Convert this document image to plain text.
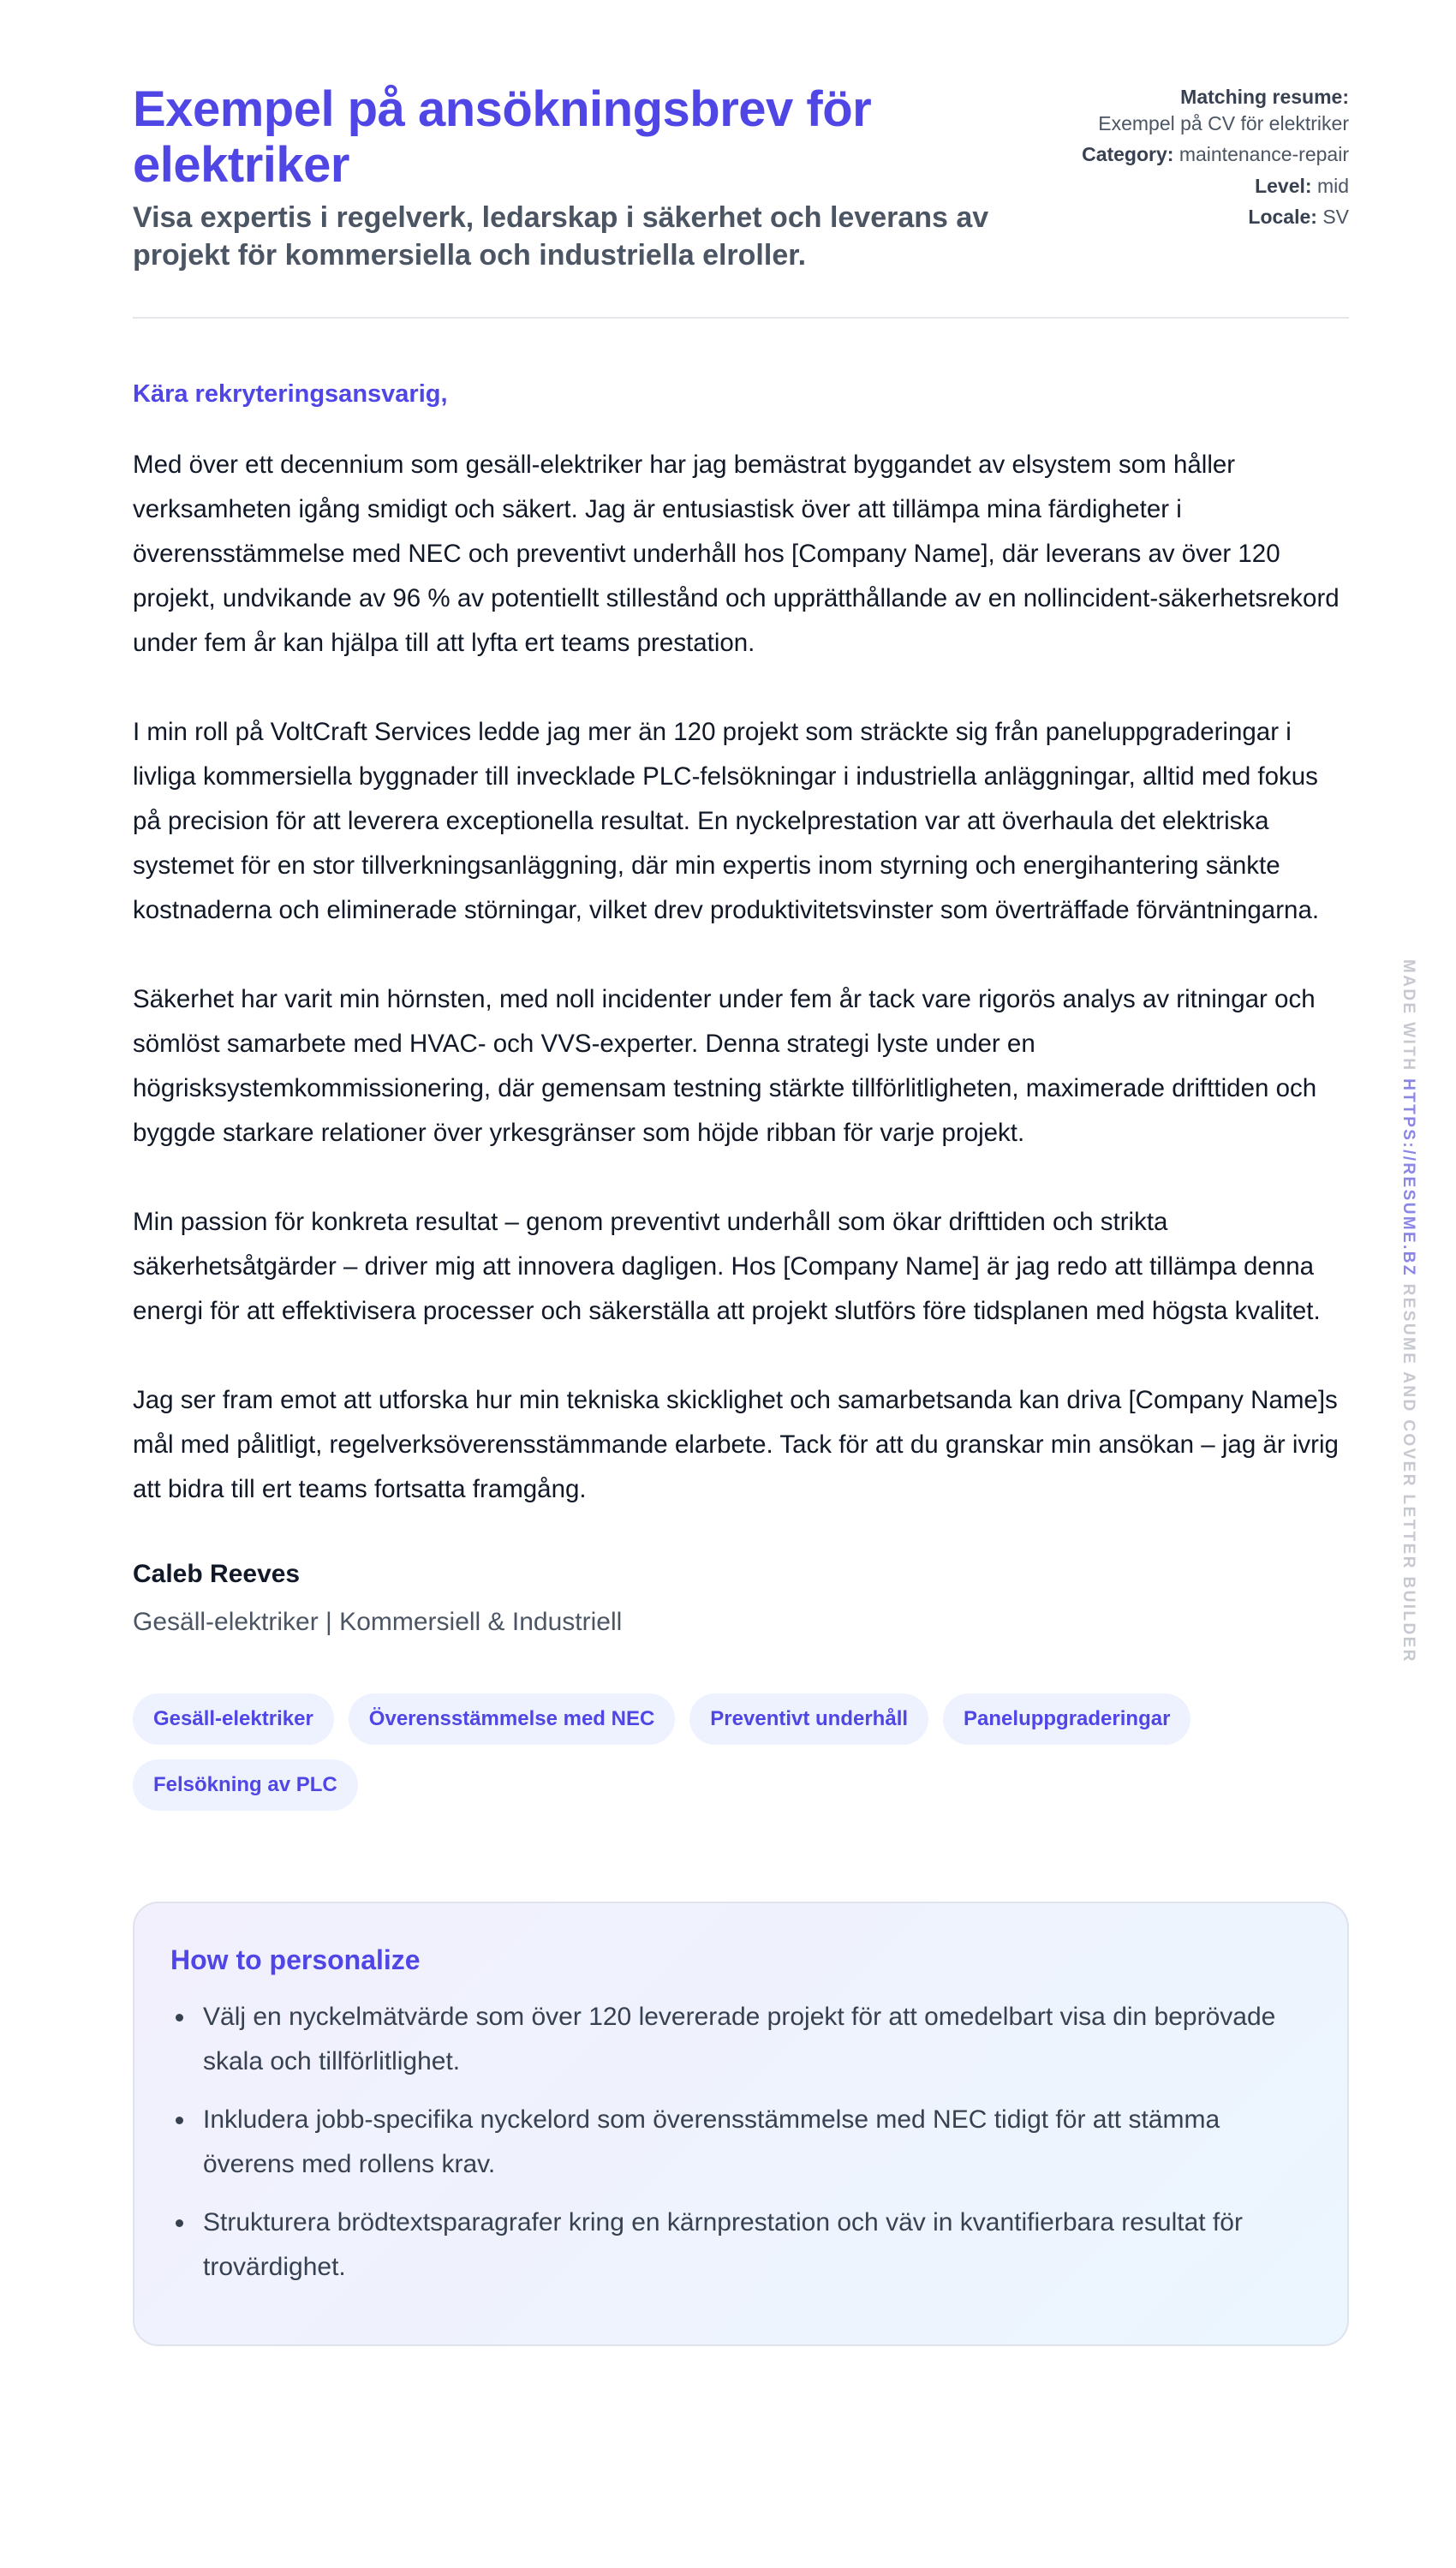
Exempel på ansökningsbrev för elektriker
Visa expertis i regelverk, ledarskap i säkerhet och leverans av projekt för kommersiella och industriella elroller.
Matching resume:
Exempel på CV för elektriker
Category: maintenance-repair
Level: mid
Locale: SV

Kära rekryteringsansvarig,

Med över ett decennium som gesäll-elektriker har jag bemästrat byggandet av elsystem som håller verksamheten igång smidigt och säkert. Jag är entusiastisk över att tillämpa mina färdigheter i överensstämmelse med NEC och preventivt underhåll hos [Company Name], där leverans av över 120 projekt, undvikande av 96 % av potentiellt stillestånd och upprätthållande av en nollincident-säkerhetsrekord under fem år kan hjälpa till att lyfta ert teams prestation.

I min roll på VoltCraft Services ledde jag mer än 120 projekt som sträckte sig från paneluppgraderingar i livliga kommersiella byggnader till invecklade PLC-felsökningar i industriella anläggningar, alltid med fokus på precision för att leverera exceptionella resultat. En nyckelprestation var att överhaula det elektriska systemet för en stor tillverkningsanläggning, där min expertis inom styrning och energihantering sänkte kostnaderna och eliminerade störningar, vilket drev produktivitetsvinster som överträffade förväntningarna.

Säkerhet har varit min hörnsten, med noll incidenter under fem år tack vare rigorös analys av ritningar och sömlöst samarbete med HVAC- och VVS-experter. Denna strategi lyste under en högrisksystemkommissionering, där gemensam testning stärkte tillförlitligheten, maximerade drifttiden och byggde starkare relationer över yrkesgränser som höjde ribban för varje projekt.

Min passion för konkreta resultat – genom preventivt underhåll som ökar drifttiden och strikta säkerhetsåtgärder – driver mig att innovera dagligen. Hos [Company Name] är jag redo att tillämpa denna energi för att effektivisera processer och säkerställa att projekt slutförs före tidsplanen med högsta kvalitet.

Jag ser fram emot att utforska hur min tekniska skicklighet och samarbetsanda kan driva [Company Name]s mål med pålitligt, regelverksöverensstämmande elarbete. Tack för att du granskar min ansökan – jag är ivrig att bidra till ert teams fortsatta framgång.

Caleb Reeves

Gesäll-elektriker | Kommersiell & Industriell

Gesäll-elektriker	Överensstämmelse med NEC	Preventivt underhåll	Paneluppgraderingar
Felsökning av PLC
How to personalize
Välj en nyckelmätvärde som över 120 levererade projekt för att omedelbart visa din beprövade skala och tillförlitlighet.
Inkludera jobb-specifika nyckelord som överensstämmelse med NEC tidigt för att stämma överens med rollens krav.
Strukturera brödtextsparagrafer kring en kärnprestation och väv in kvantifierbara resultat för trovärdighet.
MADE WITH HTTPS://RESUME.BZ RESUME AND COVER LETTER BUILDER
